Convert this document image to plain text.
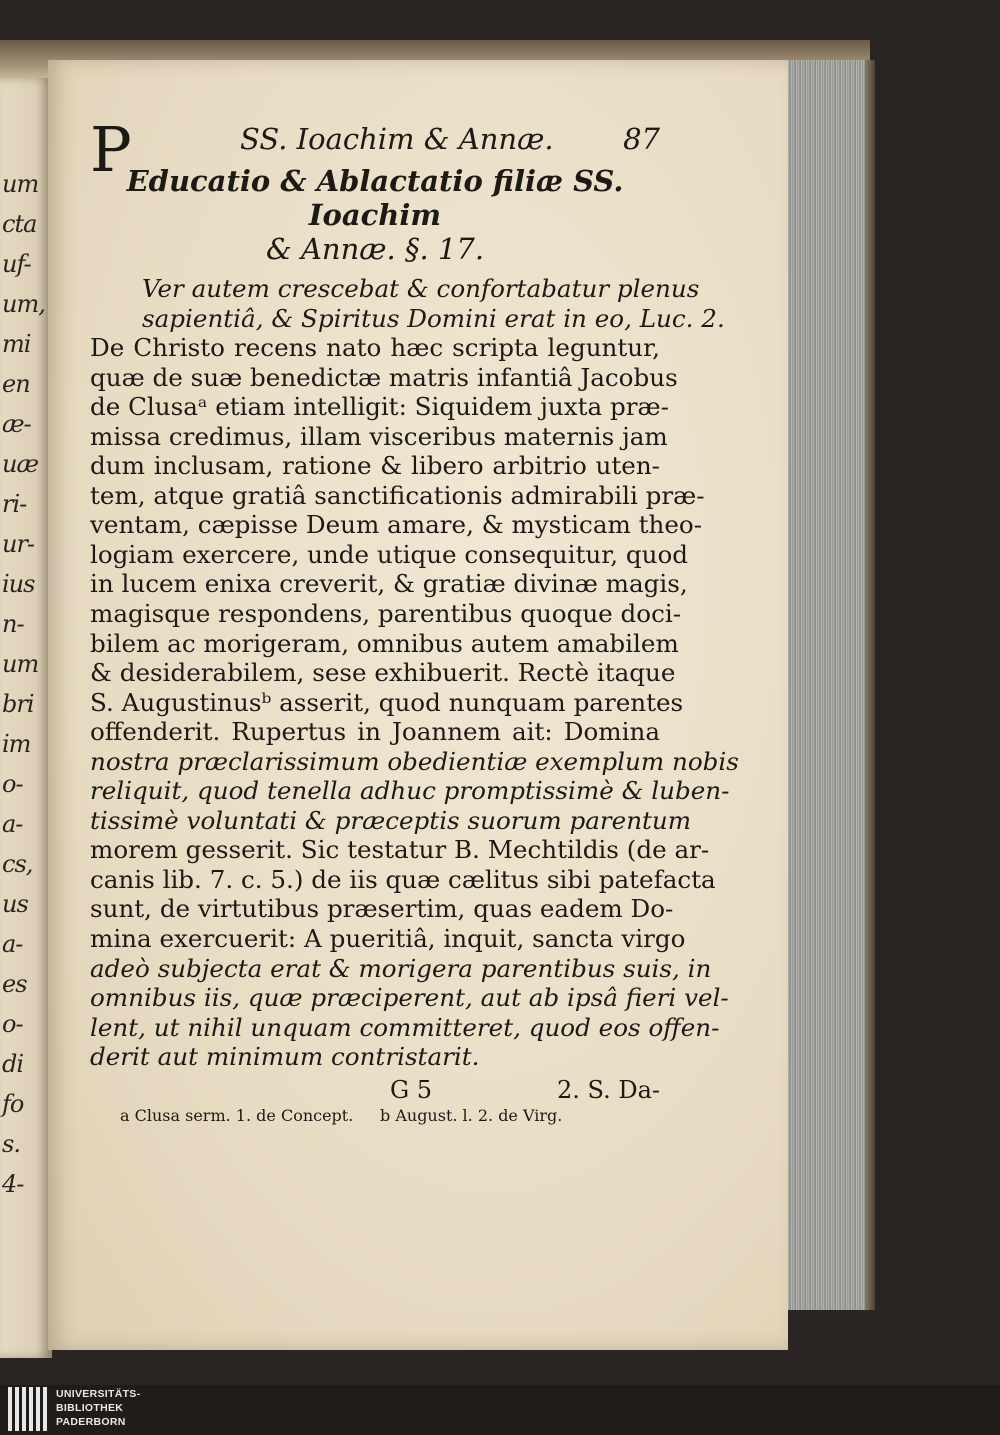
um
cta
uf-
um,
mi
en
æ-
uæ
ri-
ur-
ius
n-
um
bri
im
o-
a-
cs,
us
a-
es
o-
di
fo
s.
4-
SS. Ioachim & Annæ. 87
Educatio & Ablactatio filiæ SS. Ioachim
& Annæ. §. 17.
P
Ver autem crescebat & confortabatur plenus
sapientiâ, & Spiritus Domini erat in eo, Luc. 2.
De Christo recens nato hæc scripta leguntur,
quæ de suæ benedictæ matris infantiâ Jacobus
de Clusaᵃ etiam intelligit: Siquidem juxta præ-
missa credimus, illam visceribus maternis jam
dum inclusam, ratione & libero arbitrio uten-
tem, atque gratiâ sanctificationis admirabili præ-
ventam, cæpisse Deum amare, & mysticam theo-
logiam exercere, unde utique consequitur, quod
in lucem enixa creverit, & gratiæ divinæ magis,
magisque respondens, parentibus quoque doci-
bilem ac morigeram, omnibus autem amabilem
& desiderabilem, sese exhibuerit. Rectè itaque
S. Augustinusᵇ asserit, quod nunquam parentes
offenderit. Rupertus in Joannem ait: Domina
nostra præclarissimum obedientiæ exemplum nobis
reliquit, quod tenella adhuc promptissimè & luben-
tissimè voluntati & præceptis suorum parentum
morem gesserit. Sic testatur B. Mechtildis (de ar-
canis lib. 7. c. 5.) de iis quæ cælitus sibi patefacta
sunt, de virtutibus præsertim, quas eadem Do-
mina exercuerit: A pueritiâ, inquit, sancta virgo
adeò subjecta erat & morigera parentibus suis, in
omnibus iis, quæ præciperent, aut ab ipsâ fieri vel-
lent, ut nihil unquam committeret, quod eos offen-
derit aut minimum contristarit.
G 5	2. S. Da-
a Clusa serm. 1. de Concept. b August. l. 2. de Virg.
UNIVERSITÄTS-
BIBLIOTHEK
PADERBORN
